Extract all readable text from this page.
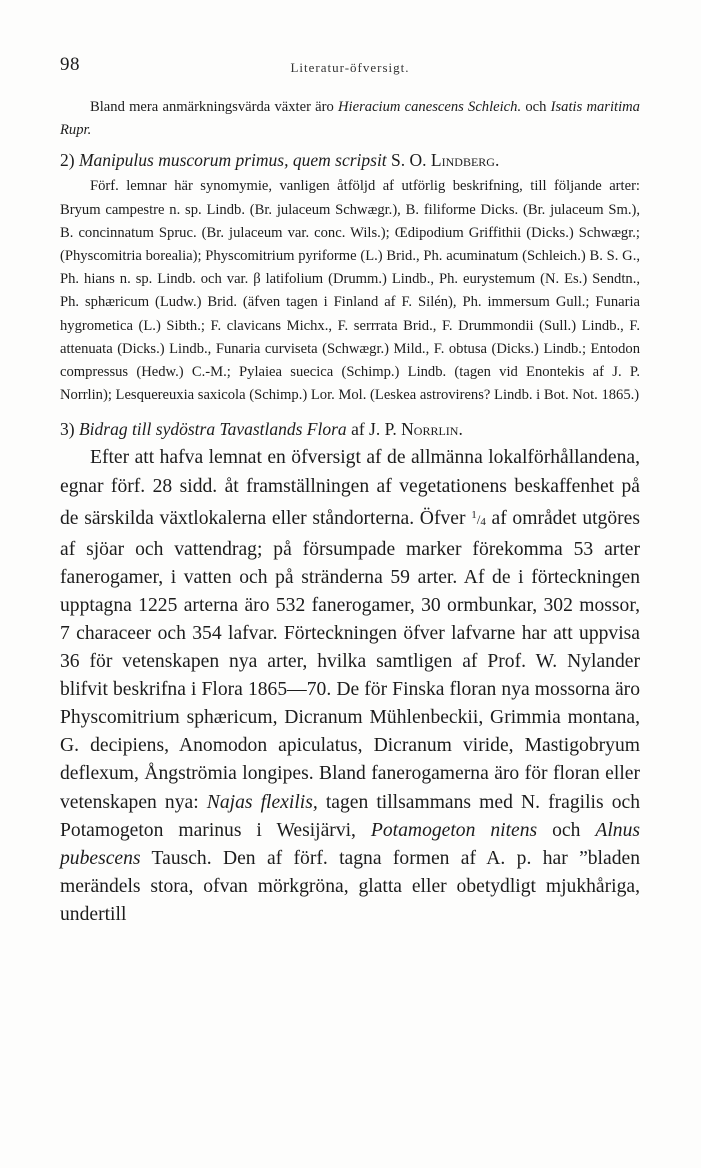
98	Literatur-öfversigt.

Bland mera anmärkningsvärda växter äro Hieracium canescens Schleich. och Isatis maritima Rupr.

2) Manipulus muscorum primus, quem scripsit S. O. Lindberg.

Förf. lemnar här synomymie, vanligen åtföljd af utförlig beskrifning, till följande arter: Bryum campestre n. sp. Lindb. (Br. julaceum Schwægr.), B. filiforme Dicks. (Br. julaceum Sm.), B. concinnatum Spruc. (Br. julaceum var. conc. Wils.); Œdipodium Griffithii (Dicks.) Schwægr.; (Physcomitria borealia); Physcomitrium pyriforme (L.) Brid., Ph. acuminatum (Schleich.) B. S. G., Ph. hians n. sp. Lindb. och var. β latifolium (Drumm.) Lindb., Ph. eurystemum (N. Es.) Sendtn., Ph. sphæricum (Ludw.) Brid. (äfven tagen i Finland af F. Silén), Ph. immersum Gull.; Funaria hygrometica (L.) Sibth.; F. clavicans Michx., F. serrrata Brid., F. Drummondii (Sull.) Lindb., F. attenuata (Dicks.) Lindb., Funaria curviseta (Schwægr.) Mild., F. obtusa (Dicks.) Lindb.; Entodon compressus (Hedw.) C.-M.; Pylaiea suecica (Schimp.) Lindb. (tagen vid Enontekis af J. P. Norrlin); Lesquereuxia saxicola (Schimp.) Lor. Mol. (Leskea astrovirens? Lindb. i Bot. Not. 1865.)

3) Bidrag till sydöstra Tavastlands Flora af J. P. Norrlin.

Efter att hafva lemnat en öfversigt af de allmänna lokalförhållandena, egnar förf. 28 sidd. åt framställningen af vegetationens beskaffenhet på de särskilda växtlokalerna eller ståndorterna. Öfver $^1/_4$ af området utgöres af sjöar och vattendrag; på försumpade marker förekomma 53 arter fanerogamer, i vatten och på stränderna 59 arter. Af de i förteckningen upptagna 1225 arterna äro 532 fanerogamer, 30 ormbunkar, 302 mossor, 7 characeer och 354 lafvar. Förteckningen öfver lafvarne har att uppvisa 36 för vetenskapen nya arter, hvilka samtligen af Prof. W. Nylander blifvit beskrifna i Flora 1865—70. De för Finska floran nya mossorna äro Physcomitrium sphæricum, Dicranum Mühlenbeckii, Grimmia montana, G. decipiens, Anomodon apiculatus, Dicranum viride, Mastigobryum deflexum, Ångströmia longipes. Bland fanerogamerna äro för floran eller vetenskapen nya: Najas flexilis, tagen tillsammans med N. fragilis och Potamogeton marinus i Wesijärvi, Potamogeton nitens och Alnus pubescens Tausch. Den af förf. tagna formen af A. p. har ”bladen merändels stora, ofvan mörkgröna, glatta eller obetydligt mjukhåriga, undertill
